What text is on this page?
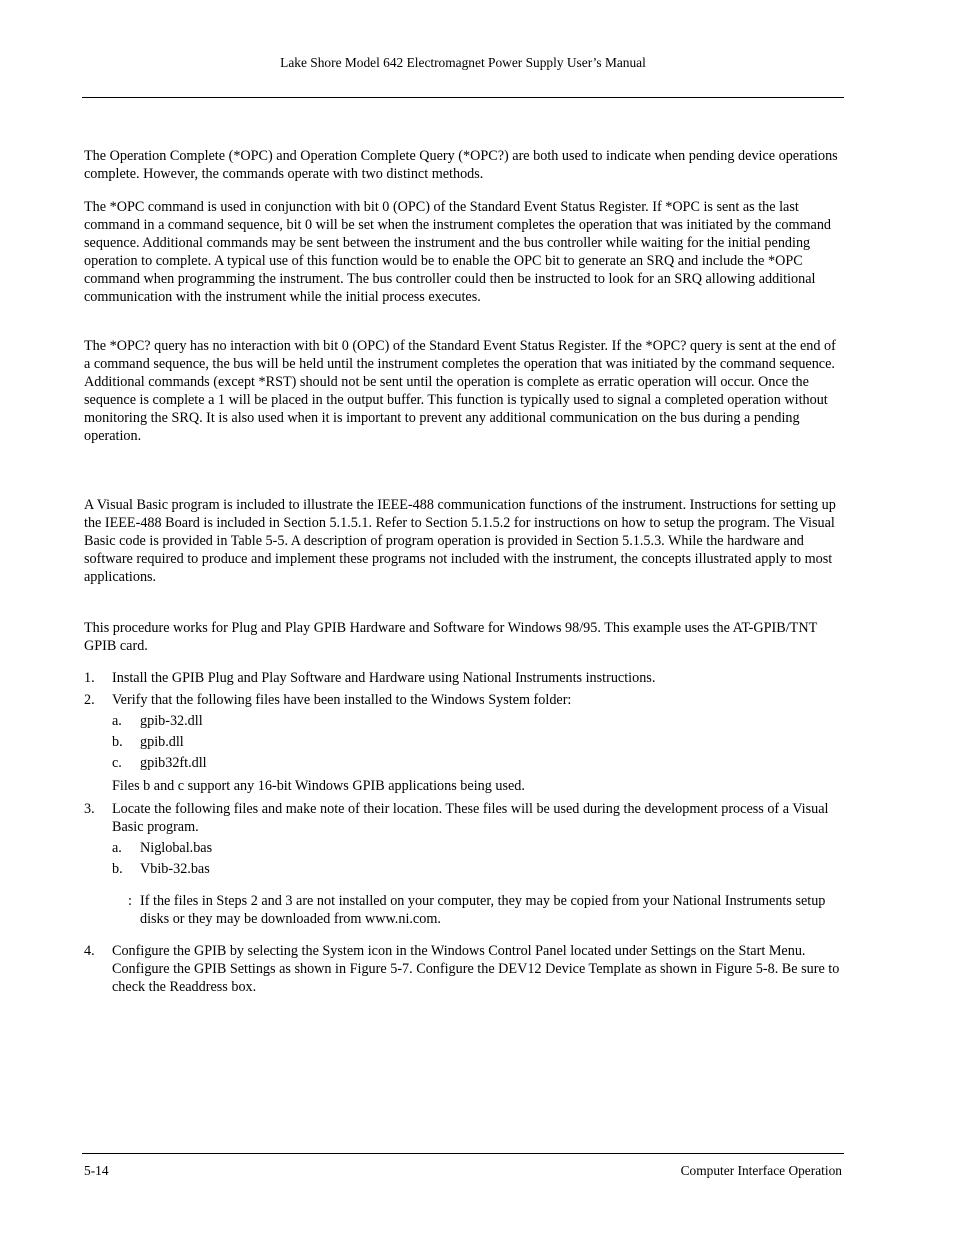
Lake Shore Model 642 Electromagnet Power Supply User’s Manual

The Operation Complete (*OPC) and Operation Complete Query (*OPC?) are both used to indicate when pending device operations complete. However, the commands operate with two distinct methods.

The *OPC command is used in conjunction with bit 0 (OPC) of the Standard Event Status Register. If *OPC is sent as the last command in a command sequence, bit 0 will be set when the instrument completes the operation that was initiated by the command sequence. Additional commands may be sent between the instrument and the bus controller while waiting for the initial pending operation to complete. A typical use of this function would be to enable the OPC bit to generate an SRQ and include the *OPC command when programming the instrument. The bus controller could then be instructed to look for an SRQ allowing additional communication with the instrument while the initial process executes.

The *OPC? query has no interaction with bit 0 (OPC) of the Standard Event Status Register. If the *OPC? query is sent at the end of a command sequence, the bus will be held until the instrument completes the operation that was initiated by the command sequence. Additional commands (except *RST) should not be sent until the operation is complete as erratic operation will occur. Once the sequence is complete a 1 will be placed in the output buffer. This function is typically used to signal a completed operation without monitoring the SRQ. It is also used when it is important to prevent any additional communication on the bus during a pending operation.

A Visual Basic program is included to illustrate the IEEE-488 communication functions of the instrument. Instructions for setting up the IEEE-488 Board is included in Section 5.1.5.1. Refer to Section 5.1.5.2 for instructions on how to setup the program. The Visual Basic code is provided in Table 5-5. A description of program operation is provided in Section 5.1.5.3. While the hardware and software required to produce and implement these programs not included with the instrument, the concepts illustrated apply to most applications.

This procedure works for Plug and Play GPIB Hardware and Software for Windows 98/95. This example uses the AT-GPIB/TNT GPIB card.

1. Install the GPIB Plug and Play Software and Hardware using National Instruments instructions.
2. Verify that the following files have been installed to the Windows System folder:
a. gpib-32.dll
b. gpib.dll
c. gpib32ft.dll
Files b and c support any 16-bit Windows GPIB applications being used.
3. Locate the following files and make note of their location. These files will be used during the development process of a Visual Basic program.
a. Niglobal.bas
b. Vbib-32.bas
: If the files in Steps 2 and 3 are not installed on your computer, they may be copied from your National Instruments setup disks or they may be downloaded from www.ni.com.
4. Configure the GPIB by selecting the System icon in the Windows Control Panel located under Settings on the Start Menu. Configure the GPIB Settings as shown in Figure 5-7. Configure the DEV12 Device Template as shown in Figure 5-8. Be sure to check the Readdress box.
5-14	Computer Interface Operation
